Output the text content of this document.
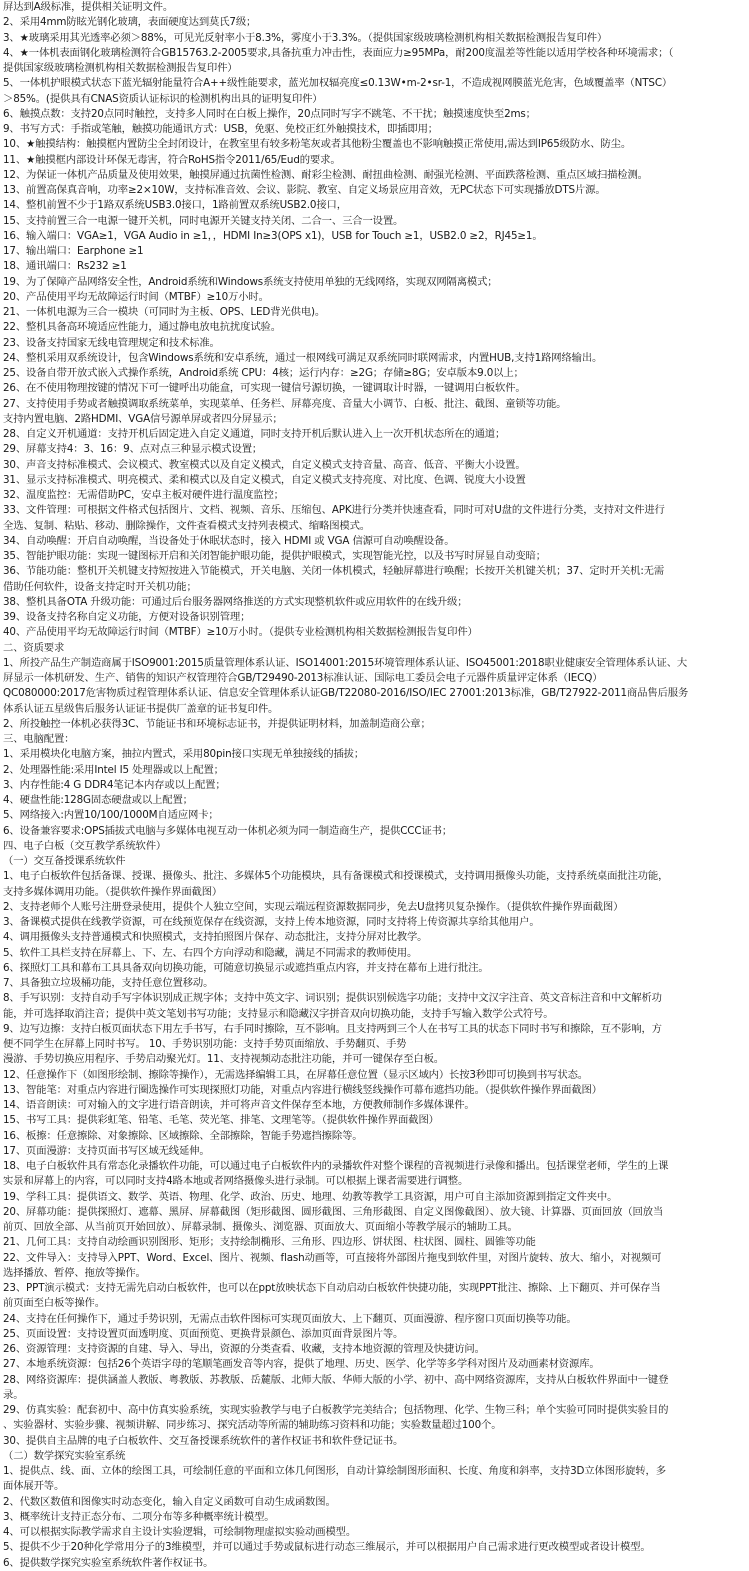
屏达到A级标准，提供相关证明文件。
2、采用4mm防眩光钢化玻璃，表面硬度达到莫氏7级；
3、★玻璃采用其光透率必须＞88%，可见光反射率小于8.3%，雾度小于3.3%。（提供国家级玻璃检测机构相关数据检测报告复印件）
4、★一体机表面钢化玻璃检测符合GB15763.2-2005要求,具备抗重力冲击性，表面应力≥95MPa，耐200度温差等性能以适用学校各种环境需求；（
提供国家级玻璃检测机构相关数据检测报告复印件）
5、一体机护眼模式状态下蓝光辐射能量符合A++级性能要求，蓝光加权辐亮度≤0.13W•m-2•sr-1，不造成视网膜蓝光危害，色域覆盖率（NTSC）
＞85%。(提供具有CNAS资质认证标识的检测机构出具的证明复印件）
6、触摸点数：支持20点同时触控，支持多人同时在白板上操作，20点同时写字不跳笔、不干扰；触摸速度快至2ms；
9、书写方式：手指或笔触，触摸功能通讯方式：USB，免驱、免校正红外触摸技术，即插即用；
10、★触摸结构：触摸框内置防尘全封闭设计，在教室里有较多粉笔灰或者其他粉尘覆盖也不影响触摸正常使用,需达到IP65级防水、防尘。
11、★触摸框内部设计环保无毒害，符合RoHS指令2011/65/Eud的要求。
12、为保证一体机产品质量及使用效果，触摸屏通过抗菌性检测、耐彩尘检测、耐扭曲检测、耐强光检测、平面跌落检测、重点区域扫描检测。
13、前置高保真音响，功率≥2×10W，支持标准音效、会议、影院、教室、自定义场景应用音效，无PC状态下可实现播放DTS片源。
14、整机前置不少于1路双系统USB3.0接口，1路前置双系统USB2.0接口，
15、支持前置三合一电源一键开关机，同时电源开关键支持关闭、二合一、三合一设置。
16、输入端口：VGA≥1，VGA Audio in ≥1，，HDMI In≥3(OPS x1)，USB for Touch ≥1，USB2.0 ≥2，RJ45≥1。
17、输出端口：Earphone ≥1
18、通讯端口：Rs232 ≥1
19、为了保障产品网络安全性，Android系统和Windows系统支持使用单独的无线网络，实现双网隔离模式；
20、产品使用平均无故障运行时间（MTBF）≥10万小时。
21、一体机电源为三合一模块（可同时为主板、OPS、LED背光供电)。
22、整机具备高环境适应性能力，通过静电放电抗扰度试验。
23、设备支持国家无线电管理规定和技术标准。
24、整机采用双系统设计，包含Windows系统和安卓系统，通过一根网线可满足双系统同时联网需求，内置HUB,支持1路网络输出。
25、设备自带开放式嵌入式操作系统，Android系统 CPU：4核；运行内存：≥2G；存储≥8G；安卓版本9.0以上；
26、在不使用物理按键的情况下可一键呼出功能盒，可实现一键信号源切换，一键调取计时器，一键调用白板软件。
27、支持使用手势或者触摸调取系统菜单，实现菜单、任务栏、屏幕亮度、音量大小调节、白板、批注、截图、童锁等功能。
支持内置电脑、2路HDMI、VGA信号源单屏或者四分屏显示；
28、自定义开机通道：支持开机后固定进入自定义通道，同时支持开机后默认进入上一次开机状态所在的通道；
29、屏幕支持4：3、16：9、点对点三种显示模式设置；
30、声音支持标准模式、会议模式、教室模式以及自定义模式，自定义模式支持音量、高音、低音、平衡大小设置。
31、显示支持标准模式、明亮模式、柔和模式以及自定义模式，自定义模式支持亮度、对比度、色调、锐度大小设置
32、温度监控：无需借助PC，安卓主板对硬件进行温度监控；
33、文件管理：可根据文件格式包括图片、文档、视频、音乐、压缩包、APK进行分类并快速查看，同时可对U盘的文件进行分类，支持对文件进行
全选、复制、粘贴、移动、删除操作，文件查看模式支持列表模式、缩略图模式。
34、自动唤醒：开启自动唤醒，当设备处于休眠状态时，接入 HDMI 或 VGA 信源可自动唤醒设备。
35、智能护眼功能：实现一键图标开启和关闭智能护眼功能，提供护眼模式，实现智能光控，以及书写时屏显自动变暗；
36、节能功能：整机开关机键支持短按进入节能模式，开关电脑、关闭一体机模式，轻触屏幕进行唤醒；长按开关机键关机；37、定时开关机:无需
借助任何软件，设备支持定时开关机功能；
38、整机具备OTA 升级功能：可通过后台服务器网络推送的方式实现整机软件或应用软件的在线升级；
39、设备支持名称自定义功能，方便对设备识别管理；
40、产品使用平均无故障运行时间（MTBF）≥10万小时。（提供专业检测机构相关数据检测报告复印件）
二、资质要求
1、所投产品生产制造商属于ISO9001:2015质量管理体系认证、ISO14001:2015环境管理体系认证、ISO45001:2018职业健康安全管理体系认证、大
屏显示一体机研发、生产、销售的知识产权管理符合GB/T29490-2013标准认证、国际电工委员会电子元器件质量评定体系（IECQ）
QC080000:2017危害物质过程管理体系认证、信息安全管理体系认证GB/T22080-2016/ISO/IEC 27001:2013标准，GB/T27922-2011商品售后服务
体系认证五星级售后服务认证证书提供厂盖章的证书复印件。
2、所投触控一体机必获得3C、节能证书和环境标志证书，并提供证明材料，加盖制造商公章；
三、电脑配置：
1、采用模块化电脑方案，抽拉内置式，采用80pin接口实现无单独接线的插拔；
2、处理器性能:采用Intel I5 处理器或以上配置；
3、内存性能:4 G DDR4笔记本内存或以上配置；
4、硬盘性能:128G固态硬盘或以上配置；
5、网络接入:内置10/100/1000M自适应网卡；
6、设备兼容要求:OPS插拔式电脑与多媒体电视互动一体机必须为同一制造商生产，提供CCC证书；
四、电子白板（交互教学系统软件）
（一）交互备授课系统软件
1、电子白板软件包括备课、授课、摄像头、批注、多媒体5个功能模块，具有备课模式和授课模式，支持调用摄像头功能，支持系统桌面批注功能，
支持多媒体调用功能。（提供软件操作界面截图）
2、支持老师个人账号注册登录使用，提供个人独立空间，实现云端远程资源数据同步，免去U盘拷贝复杂操作。（提供软件操作界面截图）
3、备课模式提供在线教学资源，可在线预览保存在线资源，支持上传本地资源，同时支持将上传资源共享给其他用户。
4、调用摄像头支持普通模式和快照模式，支持拍照图片保存、动态批注，支持分屏对比教学。
5、软件工具栏支持在屏幕上、下、左、右四个方向浮动和隐藏，满足不同需求的教师使用。
6、探照灯工具和幕布工具具备双向切换功能，可随意切换显示或遮挡重点内容，并支持在幕布上进行批注。
7、具备独立垃圾桶功能，支持任意位置移动。
8、手写识别：支持自动手写字体识别成正规字体；支持中英文字、词识别；提供识别候选字功能；支持中文汉字注音、英文音标注音和中文解析功
能，并可选择取消注音；提供中英文笔划书写功能；支持显示和隐藏汉字拼音双向切换功能，支持手写输入数学公式符号。
9、边写边擦：支持白板页面状态下用左手书写，右手同时擦除，互不影响。且支持两到三个人在书写工具的状态下同时书写和擦除，互不影响，方
便不同学生在屏幕上同时书写。 10、手势识别功能：支持手势页面缩放、手势翻页、手势
漫游、手势切换应用程序、手势启动聚光灯。11、支持视频动态批注功能，并可一键保存至白板。
12、任意操作下（如图形绘制、擦除等操作），无需选择编辑工具，在屏幕任意位置（显示区域内）长按3秒即可切换到书写状态。
13、智能笔：对重点内容进行圈选操作可实现探照灯功能，对重点内容进行横线竖线操作可幕布遮挡功能。（提供软件操作界面截图）
14、语音朗读：可对输入的文字进行语音朗读，并可将声音文件保存至本地，方便教师制作多媒体课件。
15、书写工具：提供彩虹笔、铅笔、毛笔、荧光笔、排笔、文理笔等。（提供软件操作界面截图）
16、板擦：任意擦除、对象擦除、区域擦除、全部擦除，智能手势遮挡擦除等。
17、页面漫游：支持页面书写区域无线延伸。
18、电子白板软件具有常态化录播软件功能，可以通过电子白板软件内的录播软件对整个课程的音视频进行录像和播出。包括课堂老师，学生的上课
实景和屏幕上的内容，可以同时支持4路本地或者网络摄像头进行录制。可以根据上课者需要进行调整。
19、学科工具：提供语文、数学、英语、物理、化学、政治、历史、地理、幼教等教学工具资源，用户可自主添加资源到指定文件夹中。
20、屏幕功能：提供探照灯、遮幕、黑屏、屏幕截图（矩形截图、圆形截图、三角形截图、自定义图像截图）、放大镜、计算器、页面回放（回放当
前页、回放全部、从当前页开始回放）、屏幕录制、摄像头、浏览器、页面放大、页面缩小等教学展示的辅助工具。
21、几何工具：支持自动绘画识别图形、矩形；支持绘制椭形、三角形、四边形、饼状图、柱状图、圆柱、圆锥等功能
22、文件导入：支持导入PPT、Word、Excel、图片、视频、flash动画等，可直接将外部图片拖曳到软件里，对图片旋转、放大、缩小，对视频可
选择播放、暂停、拖放等操作。
23、PPT演示模式：支持无需先启动白板软件，也可以在ppt放映状态下自动启动白板软件快捷功能，实现PPT批注、擦除、上下翻页、并可保存当
前页面至白板等操作。
24、支持在任何操作下，通过手势识别，无需点击软件图标可实现页面放大、上下翻页、页面漫游、程序窗口页面切换等功能。
25、页面设置：支持设置页面透明度、页面预览、更换背景颜色、添加页面背景图片等。
26、资源管理：支持资源的自建、导入、导出，资源的分类查看、收藏，支持本地资源的管理及快捷访问。
27、本地系统资源：包括26个英语字母的笔顺笔画发音等内容，提供了地理、历史、医学、化学等多学科对图片及动画素材资源库。
28、网络资源库：提供涵盖人教版、粤教版、苏教版、岳麓版、北师大版、华师大版的小学、初中、高中网络资源库，支持从白板软件界面中一键登
录。
29、仿真实验：配套初中、高中仿真实验系统，实现实验教学与电子白板教学完美结合；包括物理、化学、生物三科；单个实验可同时提供实验目的
、实验器材、实验步骤、视频讲解、同步练习、探究活动等所需的辅助练习资料和功能；实验数量超过100个。
30、提供自主品牌的电子白板软件、交互备授课系统软件的著作权证书和软件登记证书。
（二）数学探究实验室系统
1、提供点、线、面、立体的绘图工具，可绘制任意的平面和立体几何图形，自动计算绘制图形面积、长度、角度和斜率，支持3D立体图形旋转，多
面体展开等。
2、代数区数值和图像实时动态变化，输入自定义函数可自动生成函数图。
3、概率统计支持正态分布、二项分布等多种概率统计模型。
4、可以根据实际教学需求自主设计实验逻辑，可绘制物理虚拟实验动画模型。
5、提供不少于20种化学常用分子的3维模型，并可以通过手势或鼠标进行动态三维展示，并可以根据用户自己需求进行更改模型或者设计模型。
6、提供数学探究实验室系统软件著作权证书。
